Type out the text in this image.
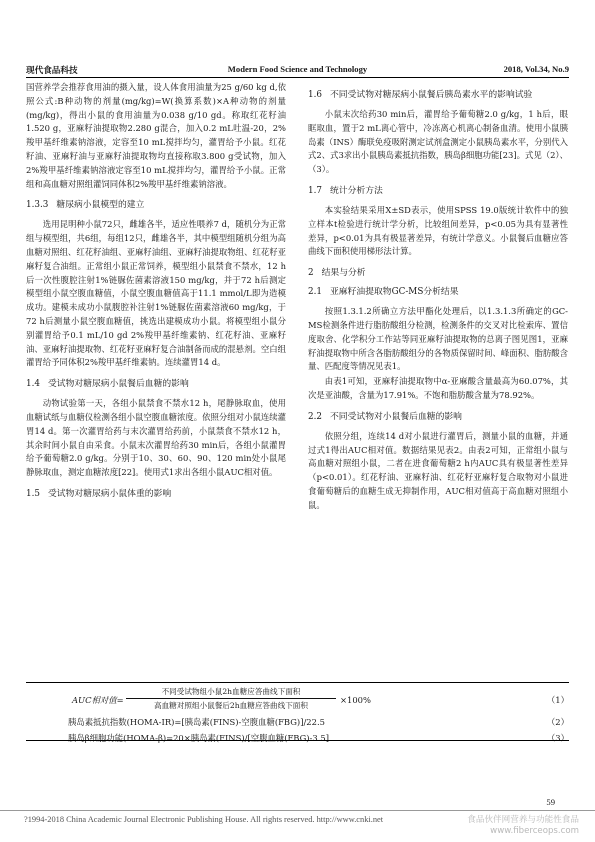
现代食品科技	Modern Food Science and Technology	2018, Vol.34, No.9

国营养学会推荐食用油的摄入量，设人体食用油量为25 g/60 kg d,依照公式:B种动物的剂量(mg/kg)=W(换算系数)×A种动物的剂量(mg/kg)，得出小鼠的食用油量为0.038 g/10 gd。称取红花籽油1.520 g，亚麻籽油提取物2.280 g混合，加入0.2 mL吐温-20，2%羧甲基纤维素钠溶液，定容至10 mL搅拌均匀，灌胃给予小鼠。红花籽油、亚麻籽油与亚麻籽油提取物均直接称取3.800 g受试物，加入2%羧甲基纤维素钠溶液定容至10 mL搅拌均匀，灌胃给予小鼠。正常组和高血糖对照组灌饲同体积2%羧甲基纤维素钠溶液。

1.3.3 糖尿病小鼠模型的建立

选用昆明种小鼠72只，雌雄各半，适应性喂养7 d，随机分为正常组与模型组，共6组，每组12只，雌雄各半，其中模型组随机分组为高血糖对照组、红花籽油组、亚麻籽油组、亚麻籽油提取物组、红花籽亚麻籽复合油组。正常组小鼠正常饲养，模型组小鼠禁食不禁水，12 h后一次性腹腔注射1%链脲佐菌素溶液150 mg/kg，并于72 h后测定模型组小鼠空腹血糖值，小鼠空腹血糖值高于11.1 mmol/L即为造模成功。建模未成功小鼠腹腔补注射1%链脲佐菌素溶液60 mg/kg，于72 h后测量小鼠空腹血糖值，挑选出建模成功小鼠。将模型组小鼠分别灌胃给予0.1 mL/10 gd 2%羧甲基纤维素钠、红花籽油、亚麻籽油、亚麻籽油提取物、红花籽亚麻籽复合油制备而成的混悬剂。空白组灌胃给予同体积2%羧甲基纤维素钠。连续灌胃14 d。

1.4 受试物对糖尿病小鼠餐后血糖的影响

动物试验第一天，各组小鼠禁食不禁水12 h，尾静脉取血，使用血糖试纸与血糖仪检测各组小鼠空腹血糖浓度。依照分组对小鼠连续灌胃14 d。第一次灌胃给药与末次灌胃给药前，小鼠禁食不禁水12 h，其余时间小鼠自由采食。小鼠末次灌胃给药30 min后，各组小鼠灌胃给予葡萄糖2.0 g/kg。分别于10、30、60、90、120 min处小鼠尾静脉取血，测定血糖浓度[22]。使用式1求出各组小鼠AUC相对值。

1.5 受试物对糖尿病小鼠体重的影响
1.6 不同受试物对糖尿病小鼠餐后胰岛素水平的影响试验

小鼠末次给药30 min后，灌胃给予葡萄糖2.0 g/kg，1 h后，眼眶取血，置于2 mL离心管中，冷冻离心机离心制备血清。使用小鼠胰岛素（INS）酶联免疫吸附测定试剂盒测定小鼠胰岛素水平，分别代入式2、式3求出小鼠胰岛素抵抗指数，胰岛β细胞功能[23]。式见（2）、（3）。

1.7 统计分析方法

本实验结果采用X±SD表示，使用SPSS 19.0版统计软件中的独立样本t检验进行统计学分析，比较组间差异，p<0.05为具有显著性差异，p<0.01为具有极显著差异，有统计学意义。小鼠餐后血糖应答曲线下面积使用梯形法计算。

2 结果与分析
2.1 亚麻籽油提取物GC-MS分析结果

按照1.3.1.2所确立方法甲酯化处理后，以1.3.1.3所确定的GC-MS检测条件进行脂肪酸组分检测，检测条件的交叉对比检索库、置信度取舍、化学积分工作站等同亚麻籽油提取物的总离子图见图1，亚麻籽油提取物中所含各脂肪酸组分的各物质保留时间、峰面积、脂肪酸含量、匹配度等情况见表1。

由表1可知，亚麻籽油提取物中α-亚麻酸含量最高为60.07%，其次是亚油酸，含量为17.91%。不饱和脂肪酸含量为78.92%。

2.2 不同受试物对小鼠餐后血糖的影响

依照分组，连续14 d对小鼠进行灌胃后，测量小鼠的血糖，并通过式1得出AUC相对值。数据结果见表2。由表2可知，正常组小鼠与高血糖对照组小鼠，二者在进食葡萄糖2 h内AUC具有极显著性差异（p<0.01）。红花籽油、亚麻籽油、红花籽亚麻籽复合取物对小鼠进食葡萄糖后的血糖生成无抑制作用，AUC相对值高于高血糖对照组小鼠。

AUC相对值=
不同受试物组小鼠2h血糖应答曲线下面积
高血糖对照组小鼠餐后2h血糖应答曲线下面积
×100%	（1）
胰岛素抵抗指数(HOMA-IR)=[胰岛素(FINS)-空腹血糖(FBG)]/22.5	（2）
胰岛β细胞功能(HOMA-β)=20×胰岛素(FINS)/[空腹血糖(FBG)-3.5]	（3）
59
?1994-2018 China Academic Journal Electronic Publishing House. All rights reserved. http://www.cnki.net	食品伙伴网营养与功能性食品
www.fiberceops.com
